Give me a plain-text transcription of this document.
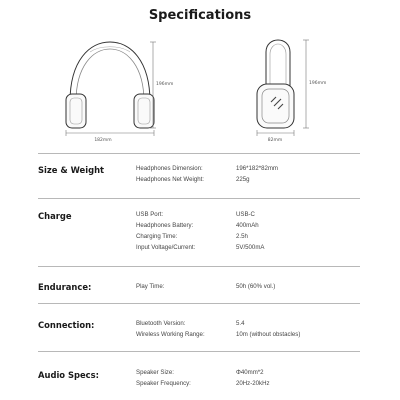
Specifications
196mm
182mm
196mm
82mm
Size & Weight	Headphones Dimension:	196*182*82mm
Headphones Net Weight:	225g
Charge	USB Port:	USB-C
Headphones Battery:	400mAh
Charging Time:	2.5h
Input Voltage/Current:	5V/500mA
Endurance:	Play Time:	50h (60% vol.)
Connection:	Bluetooth Version:	5.4
Wireless Working Range:	10m (without obstacles)
Audio Specs:	Speaker Size:	Φ40mm*2
Speaker Frequency:	20Hz-20kHz
